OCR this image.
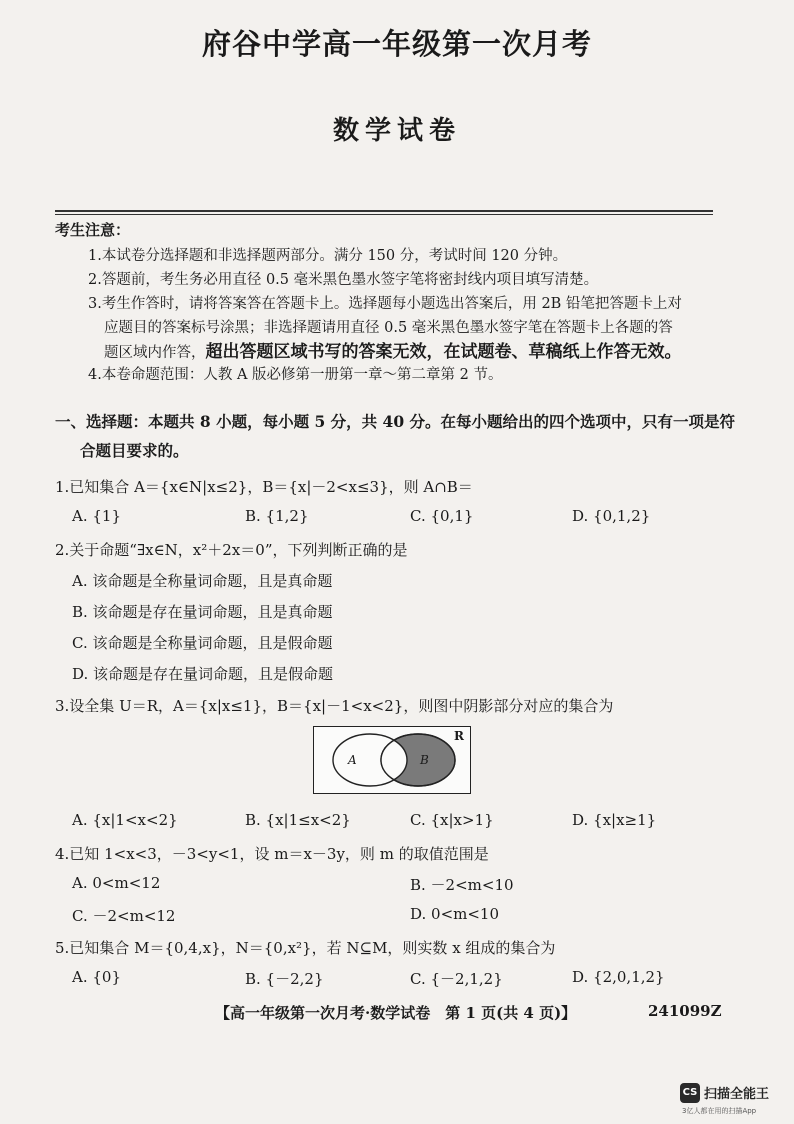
府谷中学高一年级第一次月考
数学试卷
考生注意：
1.本试卷分选择题和非选择题两部分。满分 150 分，考试时间 120 分钟。
2.答题前，考生务必用直径 0.5 毫米黑色墨水签字笔将密封线内项目填写清楚。
3.考生作答时，请将答案答在答题卡上。选择题每小题选出答案后，用 2B 铅笔把答题卡上对
应题目的答案标号涂黑；非选择题请用直径 0.5 毫米黑色墨水签字笔在答题卡上各题的答
题区域内作答，超出答题区域书写的答案无效，在试题卷、草稿纸上作答无效。
4.本卷命题范围：人教 A 版必修第一册第一章～第二章第 2 节。
一、选择题：本题共 8 小题，每小题 5 分，共 40 分。在每小题给出的四个选项中，只有一项是符
合题目要求的。
1.已知集合 A＝{x∈N|x≤2}，B＝{x|－2<x≤3}，则 A∩B＝
A. {1}	B. {1,2}	C. {0,1}	D. {0,1,2}
2.关于命题“∃x∈N，x²＋2x＝0”，下列判断正确的是
A. 该命题是全称量词命题，且是真命题
B. 该命题是存在量词命题，且是真命题
C. 该命题是全称量词命题，且是假命题
D. 该命题是存在量词命题，且是假命题
3.设全集 U＝R，A＝{x|x≤1}，B＝{x|－1<x<2}，则图中阴影部分对应的集合为
R
A	B
A. {x|1<x<2}	B. {x|1≤x<2}	C. {x|x>1}	D. {x|x≥1}
4.已知 1<x<3，－3<y<1，设 m＝x－3y，则 m 的取值范围是
A. 0<m<12	B. －2<m<10
C. －2<m<12	D. 0<m<10
5.已知集合 M＝{0,4,x}，N＝{0,x²}，若 N⊆M，则实数 x 组成的集合为
A. {0}	B. {－2,2}	C. {－2,1,2}	D. {2,0,1,2}
【高一年级第一次月考·数学试卷　第 1 页(共 4 页)】	241099Z
CS 扫描全能王
3亿人都在用的扫描App
